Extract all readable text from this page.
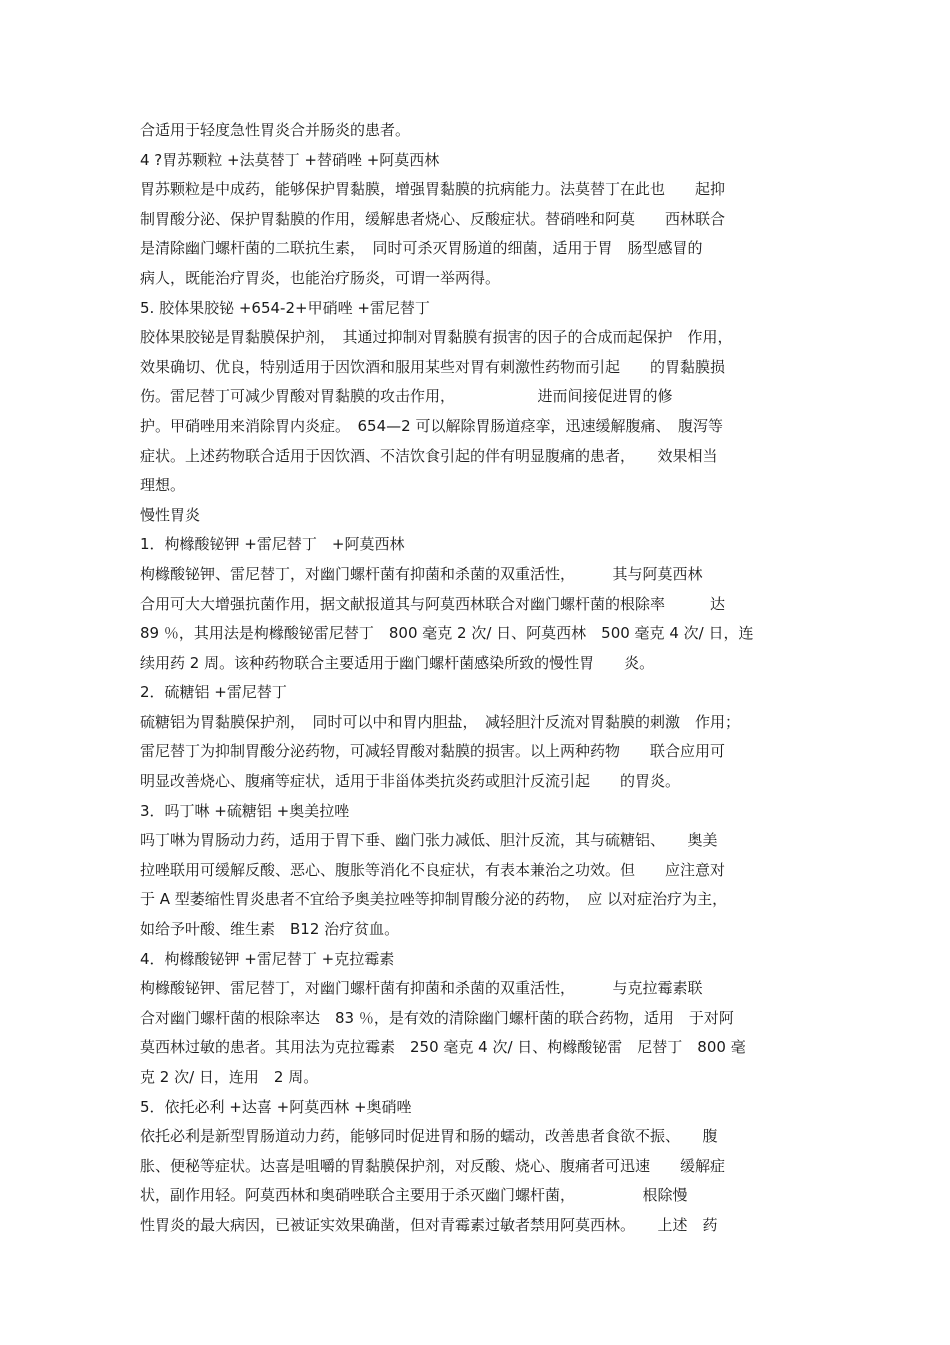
合适用于轻度急性胃炎合并肠炎的患者。
4 ?胃苏颗粒 +法莫替丁 +替硝唑 +阿莫西林
胃苏颗粒是中成药，能够保护胃黏膜，增强胃黏膜的抗病能力。法莫替丁在此也　　起抑
制胃酸分泌、保护胃黏膜的作用，缓解患者烧心、反酸症状。替硝唑和阿莫　　西林联合
是清除幽门螺杆菌的二联抗生素，　同时可杀灭胃肠道的细菌，适用于胃　肠型感冒的
病人，既能治疗胃炎，也能治疗肠炎，可谓一举两得。
5. 胶体果胶铋 +654-2+甲硝唑 +雷尼替丁
胶体果胶铋是胃黏膜保护剂，　其通过抑制对胃黏膜有损害的因子的合成而起保护　作用，
效果确切、优良，特别适用于因饮酒和服用某些对胃有刺激性药物而引起　　的胃黏膜损
伤。雷尼替丁可减少胃酸对胃黏膜的攻击作用，　　　　　　进而间接促进胃的修
护。甲硝唑用来消除胃内炎症。　654—2 可以解除胃肠道痉挛，迅速缓解腹痛、　腹泻等
症状。上述药物联合适用于因饮酒、不洁饮食引起的伴有明显腹痛的患者，　　效果相当
理想。
慢性胃炎
1．枸橼酸铋钾 +雷尼替丁　+阿莫西林
枸橼酸铋钾、雷尼替丁，对幽门螺杆菌有抑菌和杀菌的双重活性，　　　其与阿莫西林
合用可大大增强抗菌作用，据文献报道其与阿莫西林联合对幽门螺杆菌的根除率　　　达
89 ％，其用法是枸橼酸铋雷尼替丁　800 毫克 2 次/ 日、阿莫西林　500 毫克 4 次/ 日，连
续用药 2 周。该种药物联合主要适用于幽门螺杆菌感染所致的慢性胃　　炎。
2．硫糖铝 +雷尼替丁
硫糖铝为胃黏膜保护剂，　同时可以中和胃内胆盐，　减轻胆汁反流对胃黏膜的刺激　作用；
雷尼替丁为抑制胃酸分泌药物，可减轻胃酸对黏膜的损害。以上两种药物　　联合应用可
明显改善烧心、腹痛等症状，适用于非甾体类抗炎药或胆汁反流引起　　的胃炎。
3．吗丁啉 +硫糖铝 +奥美拉唑
吗丁啉为胃肠动力药，适用于胃下垂、幽门张力减低、胆汁反流，其与硫糖铝、　　奥美
拉唑联用可缓解反酸、恶心、腹胀等消化不良症状，有表本兼治之功效。但　　应注意对
于 A 型萎缩性胃炎患者不宜给予奥美拉唑等抑制胃酸分泌的药物，　应 以对症治疗为主，
如给予叶酸、维生素　B12 治疗贫血。
4．枸橼酸铋钾 +雷尼替丁 +克拉霉素
枸橼酸铋钾、雷尼替丁，对幽门螺杆菌有抑菌和杀菌的双重活性，　　　与克拉霉素联
合对幽门螺杆菌的根除率达　83 ％，是有效的清除幽门螺杆菌的联合药物，适用　于对阿
莫西林过敏的患者。其用法为克拉霉素　250 毫克 4 次/ 日、枸橼酸铋雷　尼替丁　800 毫
克 2 次/ 日，连用　2 周。
5．依托必利 +达喜 +阿莫西林 +奥硝唑
依托必利是新型胃肠道动力药，能够同时促进胃和肠的蠕动，改善患者食欲不振、　　腹
胀、便秘等症状。达喜是咀嚼的胃黏膜保护剂，对反酸、烧心、腹痛者可迅速　　缓解症
状，副作用轻。阿莫西林和奥硝唑联合主要用于杀灭幽门螺杆菌，　　　　　根除慢
性胃炎的最大病因，已被证实效果确凿，但对青霉素过敏者禁用阿莫西林。　　上述　药
